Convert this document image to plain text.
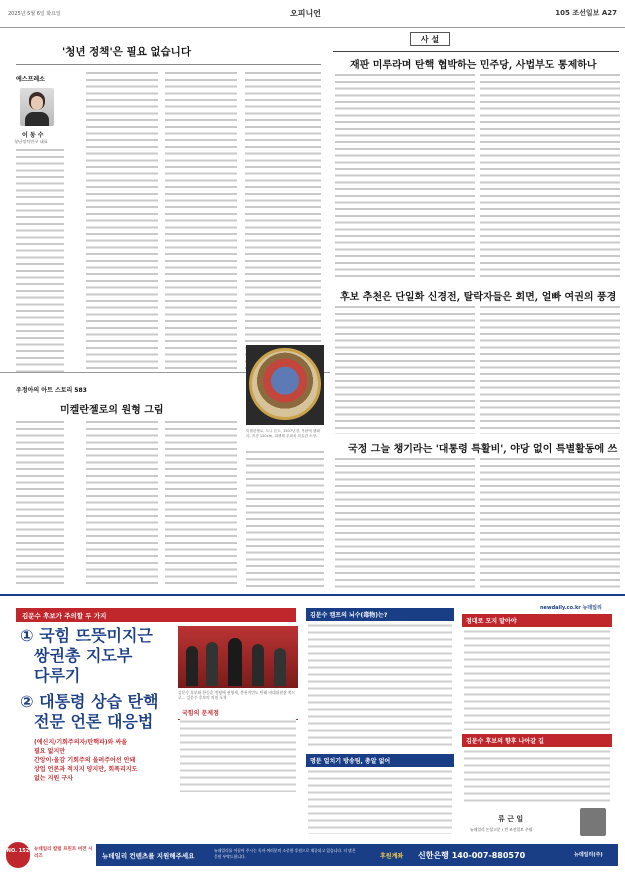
2025년 5월 6일 화요일	오피니언	105 조선일보 A27
'청년 정책'은 필요 없습니다
에스프레소
이 동 수
청년정치연구 대표
우정아의 아트 스토리 583
미켈란젤로의 원형 그림
미켈란젤로, 도니 톤도, 1507년경, 목판에 템페라, 직경 120cm, 피렌체 우피치 미술관 소장.
사 설
재판 미루라며 탄핵 협박하는 민주당, 사법부도 통제하나
후보 추천은 단일화 신경전, 탈락자들은 회면, 얼빠 여권의 풍경
국정 그늘 챙기라는 '대통령 특활비', 야당 없이 특별활동에 쓰
김문수 후보가 주의할 두 가지
① 국힘 뜨뜻미지근
쌍권총 지도부
다루기
② 대통령 상습 탄핵
전문 언론 대응법
(에신지/기회주의자/탄핵파)와 싸울
필요 없지만
간앙이·올감 기회주의 올려주어선 안돼
상업 언론과 적지지 양지만, 회폭리지도
없는 지원 구사
김문수 후보와 한동훈 전평에 권영세, 봉천지민도 탄태 비대위원장 쪽으로... 김문수 후보의 의원 포착
국힘의 문제점
김문수 캠프의 뇌수(毒物)는?
명문 얼치기 방송팀, 총알 없어
newdaily.co.kr 뉴데일리
점대로 모지 말아야
김문수 후보의 향후 나아갈 길
류 근 일
뉴데일리 논설고문 / 전 조선일보 주필
NO. 152 뉴데일리 칼럼 프린트 버전 시리즈	뉴데일리 컨텐츠를 지원해주세요
뉴데일리를 이끌어 주시는 독자 여러분의 소중한 후원으로 제공되고 있습니다. 더 많은 응원 부탁드립니다.	후원계좌 신한은행 140-007-880570	뉴데일리(주)
